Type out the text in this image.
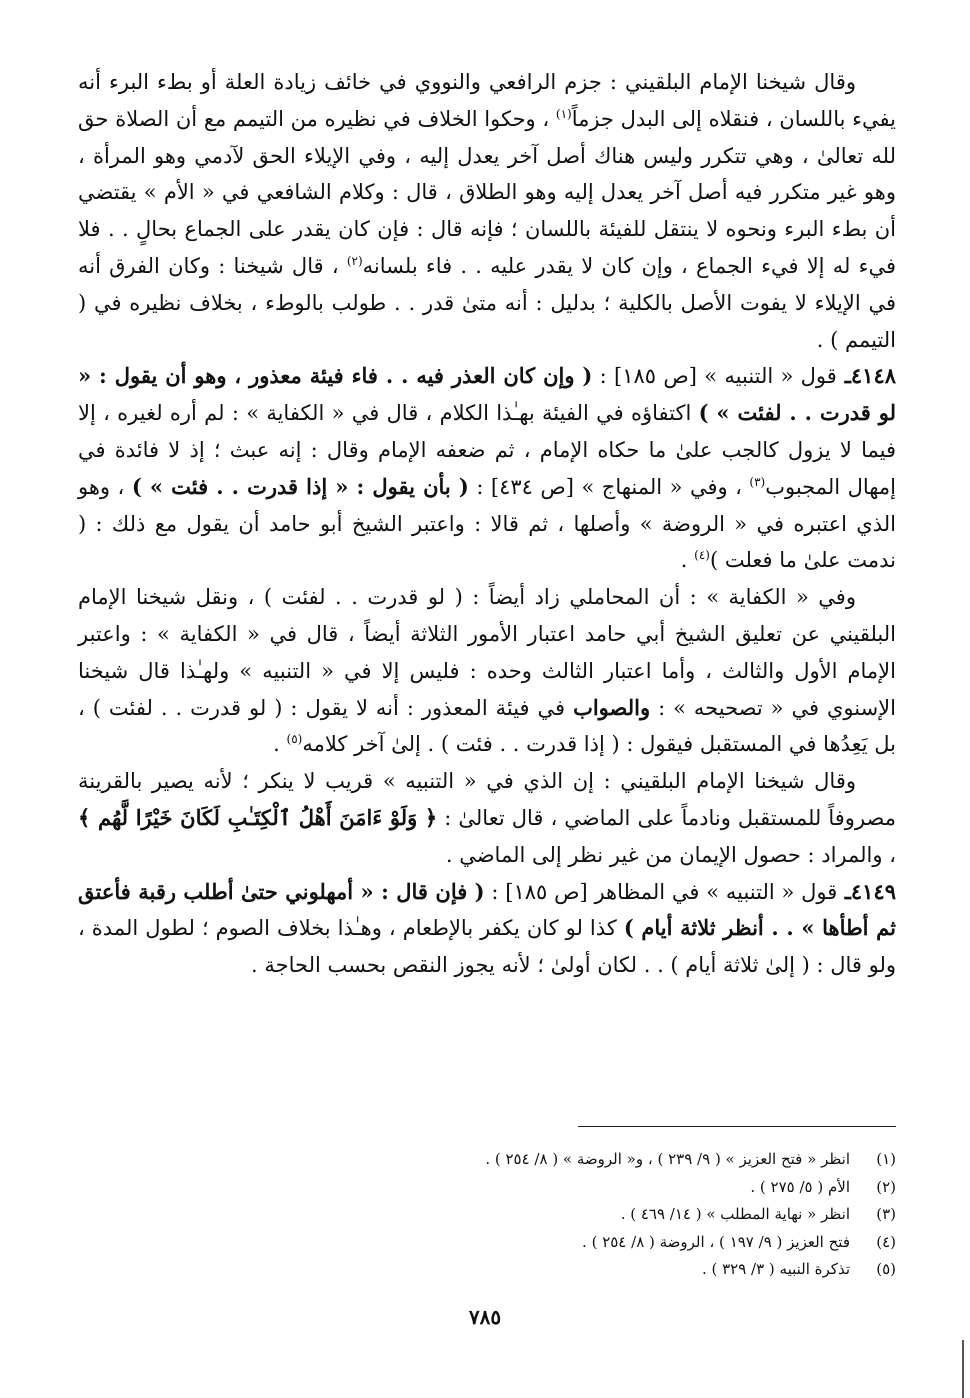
وقال شيخنا الإمام البلقيني : جزم الرافعي والنووي في خائف زيادة العلة أو بطء البرء أنه يفيء باللسان ، فنقلاه إلى البدل جزماً$^{(١)}$ ، وحكوا الخلاف في نظيره من التيمم مع أن الصلاة حق لله تعالىٰ ، وهي تتكرر وليس هناك أصل آخر يعدل إليه ، وفي الإيلاء الحق لآدمي وهو المرأة ، وهو غير متكرر فيه أصل آخر يعدل إليه وهو الطلاق ، قال : وكلام الشافعي في « الأم » يقتضي أن بطء البرء ونحوه لا ينتقل للفيئة باللسان ؛ فإنه قال : فإن كان يقدر على الجماع بحالٍ . . فلا فيء له إلا فيء الجماع ، وإن كان لا يقدر عليه . . فاء بلسانه$^{(٢)}$ ، قال شيخنا : وكان الفرق أنه في الإيلاء لا يفوت الأصل بالكلية ؛ بدليل : أنه متىٰ قدر . . طولب بالوطء ، بخلاف نظيره في ( التيمم ) .

٤١٤٨ـ قول « التنبيه » [ص ١٨٥] : ( وإن كان العذر فيه . . فاء فيئة معذور ، وهو أن يقول : « لو قدرت . . لفئت » ) اكتفاؤه في الفيئة بهـٰذا الكلام ، قال في « الكفاية » : لم أره لغيره ، إلا فيما لا يزول كالجب علىٰ ما حكاه الإمام ، ثم ضعفه الإمام وقال : إنه عبث ؛ إذ لا فائدة في إمهال المجبوب$^{(٣)}$ ، وفي « المنهاج » [ص ٤٣٤] : ( بأن يقول : « إذا قدرت . . فئت » ) ، وهو الذي اعتبره في « الروضة » وأصلها ، ثم قالا : واعتبر الشيخ أبو حامد أن يقول مع ذلك : ( ندمت علىٰ ما فعلت )$^{(٤)}$ .

وفي « الكفاية » : أن المحاملي زاد أيضاً : ( لو قدرت . . لفئت ) ، ونقل شيخنا الإمام البلقيني عن تعليق الشيخ أبي حامد اعتبار الأمور الثلاثة أيضاً ، قال في « الكفاية » : واعتبر الإمام الأول والثالث ، وأما اعتبار الثالث وحده : فليس إلا في « التنبيه » ولهـٰذا قال شيخنا الإسنوي في « تصحيحه » : والصواب في فيئة المعذور : أنه لا يقول : ( لو قدرت . . لفئت ) ، بل يَعِدُها في المستقبل فيقول : ( إذا قدرت . . فئت ) . إلىٰ آخر كلامه$^{(٥)}$ .

وقال شيخنا الإمام البلقيني : إن الذي في « التنبيه » قريب لا ينكر ؛ لأنه يصير بالقرينة مصروفاً للمستقبل ونادماً على الماضي ، قال تعالىٰ : ﴿ وَلَوْ ءَامَنَ أَهْلُ ٱلْكِتَـٰبِ لَكَانَ خَيْرًا لَّهُم ﴾ ، والمراد : حصول الإيمان من غير نظر إلى الماضي .

٤١٤٩ـ قول « التنبيه » في المظاهر [ص ١٨٥] : ( فإن قال : « أمهلوني حتىٰ أطلب رقبة فأعتق ثم أطأها » . . أنظر ثلاثة أيام ) كذا لو كان يكفر بالإطعام ، وهـٰذا بخلاف الصوم ؛ لطول المدة ، ولو قال : ( إلىٰ ثلاثة أيام ) . . لكان أولىٰ ؛ لأنه يجوز النقص بحسب الحاجة .

(١)
انظر « فتح العزيز » ( ٩/ ٢٣٩ ) ، و« الروضة » ( ٨/ ٢٥٤ ) .
(٢)
الأم ( ٥/ ٢٧٥ ) .
(٣)
انظر « نهاية المطلب » ( ١٤/ ٤٦٩ ) .
(٤)
فتح العزيز ( ٩/ ١٩٧ ) ، الروضة ( ٨/ ٢٥٤ ) .
(٥)
تذكرة النبيه ( ٣/ ٣٢٩ ) .
٧٨٥
